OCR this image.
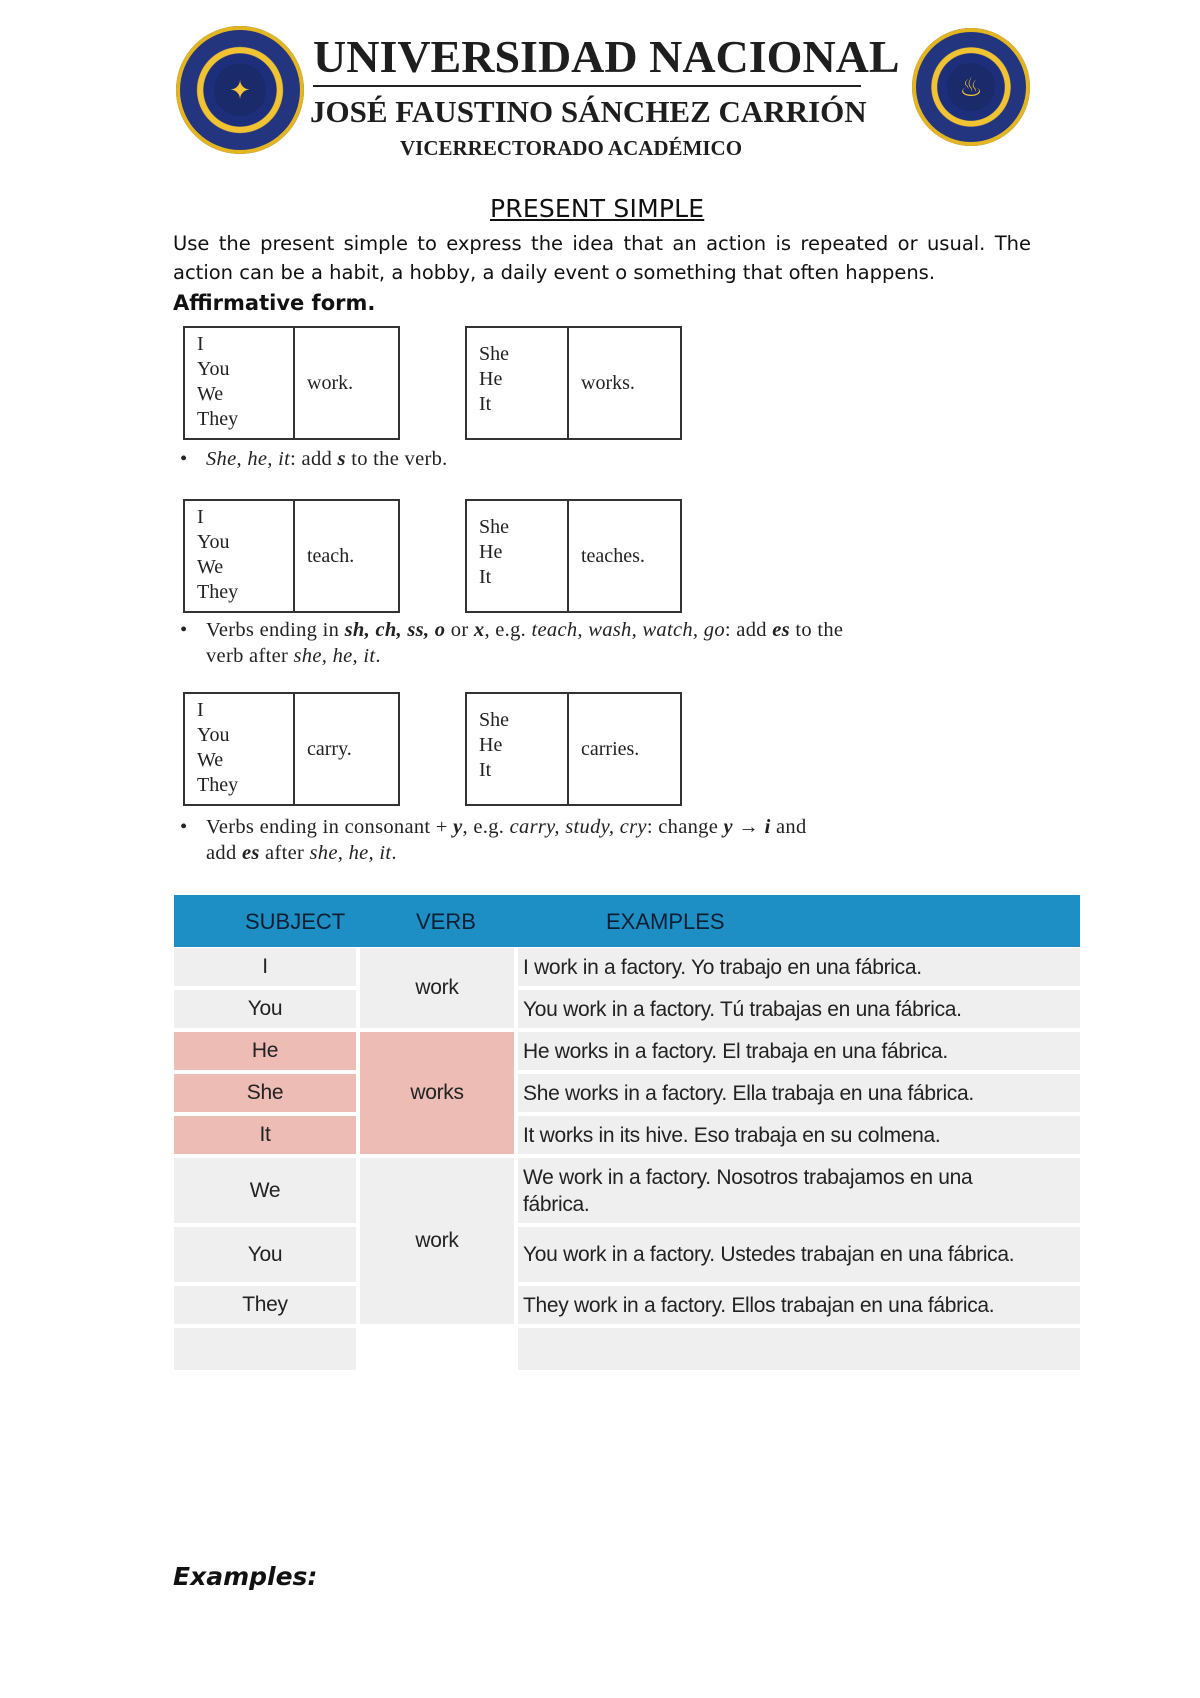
✦
UNIVERSIDAD NACIONAL
JOSÉ FAUSTINO SÁNCHEZ CARRIÓN
VICERRECTORADO ACADÉMICO
♨
PRESENT SIMPLE
Use the present simple to express the idea that an action is repeated or usual. The action can be a habit, a hobby, a daily event o something that often happens.
Affirmative form.
I
You
We
They
work.
She
He
It
works.
• She, he, it: add s to the verb.
I
You
We
They
teach.
She
He
It
teaches.
• Verbs ending in sh, ch, ss, o or x, e.g. teach, wash, watch, go: add es to the
verb after she, he, it.
I
You
We
They
carry.
She
He
It
carries.
• Verbs ending in consonant + y, e.g. carry, study, cry: change y → i and
add es after she, he, it.
SUBJECT	VERB	EXAMPLES
I
You
He
She
It
We
You
They
work
works
work
I work in a factory. Yo trabajo en una fábrica.
You work in a factory. Tú trabajas en una fábrica.
He works in a factory. El trabaja en una fábrica.
She works in a factory. Ella trabaja en una fábrica.
It works in its hive. Eso trabaja en su colmena.
We work in a factory. Nosotros trabajamos en una fábrica.
You work in a factory. Ustedes trabajan en una fábrica.
They work in a factory. Ellos trabajan en una fábrica.
Examples:
